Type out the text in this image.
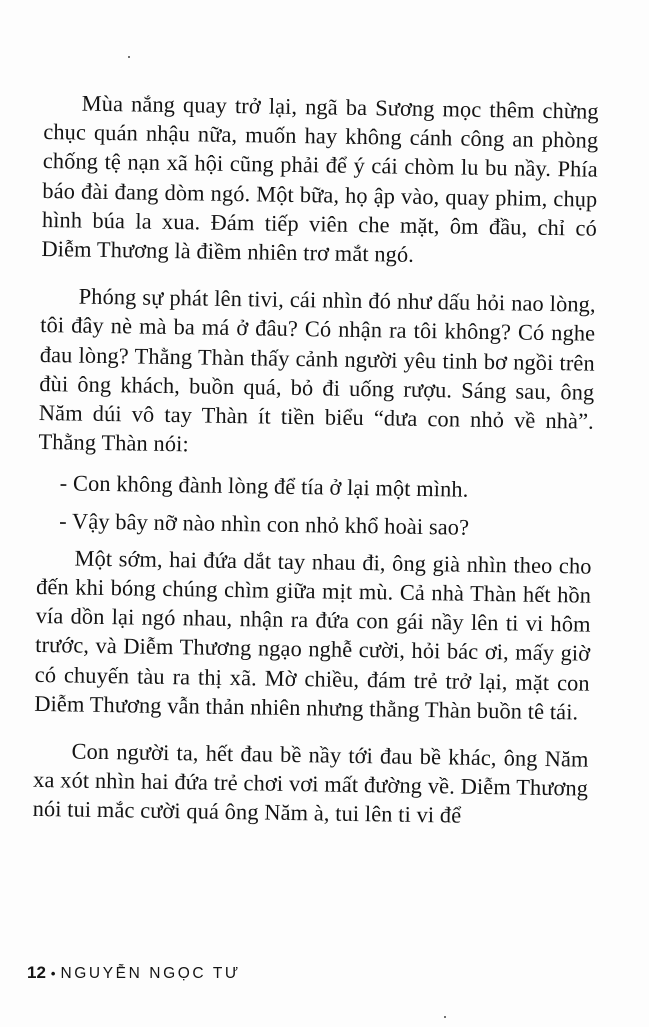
Mùa nắng quay trở lại, ngã ba Sương mọc thêm chừng chục quán nhậu nữa, muốn hay không cánh công an phòng chống tệ nạn xã hội cũng phải để ý cái chòm lu bu nầy. Phía báo đài đang dòm ngó. Một bữa, họ ập vào, quay phim, chụp hình búa la xua. Đám tiếp viên che mặt, ôm đầu, chỉ có Diễm Thương là điềm nhiên trơ mắt ngó.

Phóng sự phát lên tivi, cái nhìn đó như dấu hỏi nao lòng, tôi đây nè mà ba má ở đâu? Có nhận ra tôi không? Có nghe đau lòng? Thằng Thàn thấy cảnh người yêu tinh bơ ngồi trên đùi ông khách, buồn quá, bỏ đi uống rượu. Sáng sau, ông Năm dúi vô tay Thàn ít tiền biểu “dưa con nhỏ về nhà”. Thằng Thàn nói:

- Con không đành lòng để tía ở lại một mình.

- Vậy bây nỡ nào nhìn con nhỏ khổ hoài sao?

Một sớm, hai đứa dắt tay nhau đi, ông già nhìn theo cho đến khi bóng chúng chìm giữa mịt mù. Cả nhà Thàn hết hồn vía dồn lại ngó nhau, nhận ra đứa con gái nầy lên ti vi hôm trước, và Diễm Thương ngạo nghễ cười, hỏi bác ơi, mấy giờ có chuyến tàu ra thị xã. Mờ chiều, đám trẻ trở lại, mặt con Diễm Thương vẫn thản nhiên nhưng thằng Thàn buồn tê tái.

Con người ta, hết đau bề nầy tới đau bề khác, ông Năm xa xót nhìn hai đứa trẻ chơi vơi mất đường về. Diễm Thương nói tui mắc cười quá ông Năm à, tui lên ti vi để

12 • NGUYỄN NGỌC TƯ
